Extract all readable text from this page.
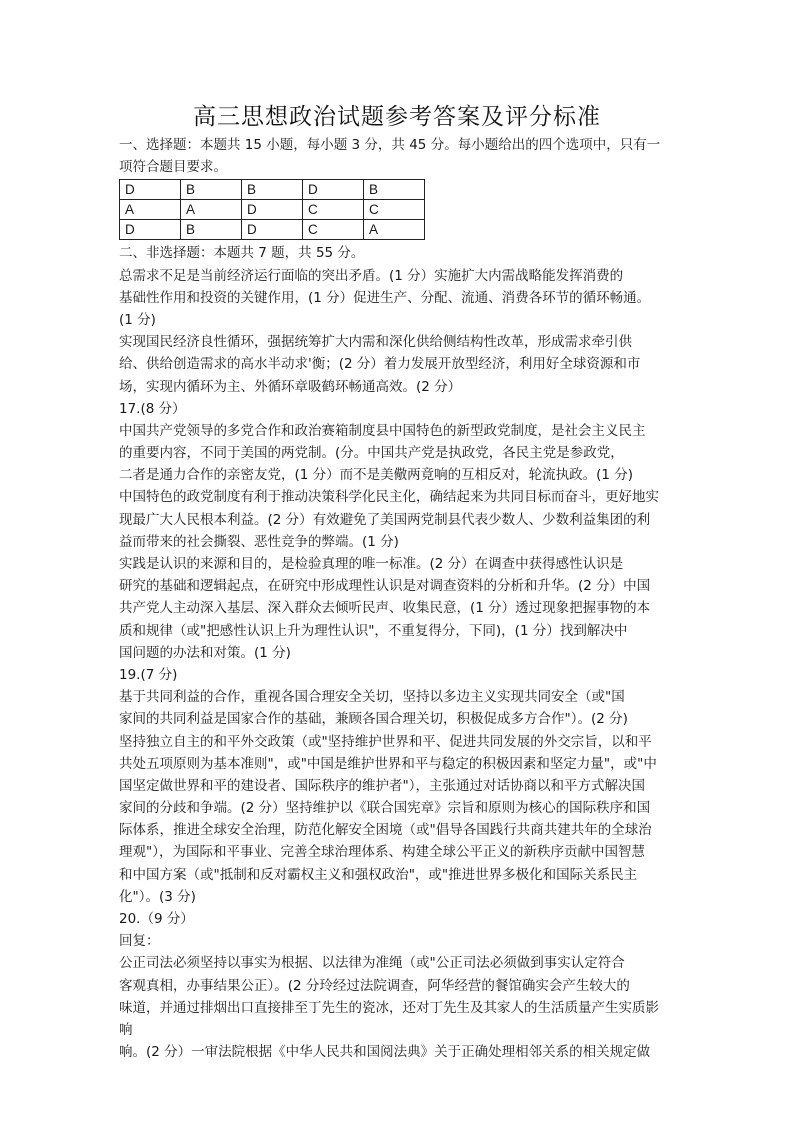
高三思想政治试题参考答案及评分标准
一、选择题：本题共 15 小题，每小题 3 分，共 45 分。每小题给出的四个选项中，只有一
项符合题目要求。
D	B	B	D	B
A	A	D	C	C
D	B	D	C	A
二、非选择题：本题共 7 题，共 55 分。
总需求不足是当前经济运行面临的突出矛盾。(1 分）实施扩大内需战略能发挥消费的
基础性作用和投资的关键作用，(1 分）促进生产、分配、流通、消费各环节的循环畅通。
(1 分)
实现国民经济良性循环，强据统筹扩大内需和深化供给侧结构性改革，形成需求牵引供
给、供给创造需求的高水半动求'衡；(2 分）着力发展开放型经济，利用好全球资源和市
场，实现内循环为主、外循环章吸鹤环畅通高效。(2 分）
17.(8 分）
中国共产党领导的多党合作和政治赛箱制度县中国特色的新型政党制度，是社会主义民主
的重要内容，不同于美国的两党制。(分。中国共产党是执政党，各民主党是参政党，
二者是通力合作的亲密友党，(1 分）而不是美儆两竟响的互相反对，轮流执政。(1 分)
中国特色的政党制度有利于推动决策科学化民主化，确结起来为共同目标而奋斗，更好地实
现最广大人民根本利益。(2 分）有效避免了美国两党制县代表少数人、少数利益集团的利
益而带来的社会撕裂、恶性竞争的弊端。(1 分)
实践是认识的来源和目的，是检验真理的唯一标准。(2 分）在调查中获得感性认识是
研究的基础和逻辑起点，在研究中形成理性认识是对调查资料的分析和升华。(2 分）中国
共产党人主动深入基层、深入群众去倾听民声、收集民意，(1 分）透过现象把握事物的本
质和规律（或"把感性认识上升为理性认识"，不重复得分，下同)，(1 分）找到解决中
国问题的办法和对策。(1 分)
19.(7 分)
基于共同利益的合作，重视各国合理安全关切，坚持以多边主义实现共同安全（或"国
家间的共同利益是国家合作的基础，兼顾各国合理关切，积极促成多方合作"）。(2 分)
坚持独立自主的和平外交政策（或"坚持维护世界和平、促进共同发展的外交宗旨，以和平
共处五项原则为基本准则"，或"中国是维护世界和平与稳定的积极因素和坚定力量"，或"中
国坚定做世界和平的建设者、国际秩序的维护者"），主张通过对话协商以和平方式解决国
家间的分歧和争端。(2 分）坚持维护以《联合国宪章》宗旨和原则为核心的国际秩序和国
际体系，推进全球安全治理，防范化解安全困境（或"倡导各国践行共商共建共年的全球治
理观"），为国际和平事业、完善全球治理体系、构建全球公平正义的新秩序贡献中国智慧
和中国方案（或"抵制和反对霸权主义和强权政治"，或"推进世界多极化和国际关系民主
化"）。(3 分)
20.（9 分）
回复：
公正司法必须坚持以事实为根据、以法律为准绳（或"公正司法必须做到事实认定符合
客观真相，办事结果公正）。(2 分玲经过法院调查，阿华经营的餐馆确实会产生较大的
味道，并通过排烟出口直接排至丁先生的瓷冰，还对丁先生及其家人的生活质量产生实质影
响
响。(2 分）一审法院根据《中华人民共和国阅法典》关于正确处理相邻关系的相关规定做
